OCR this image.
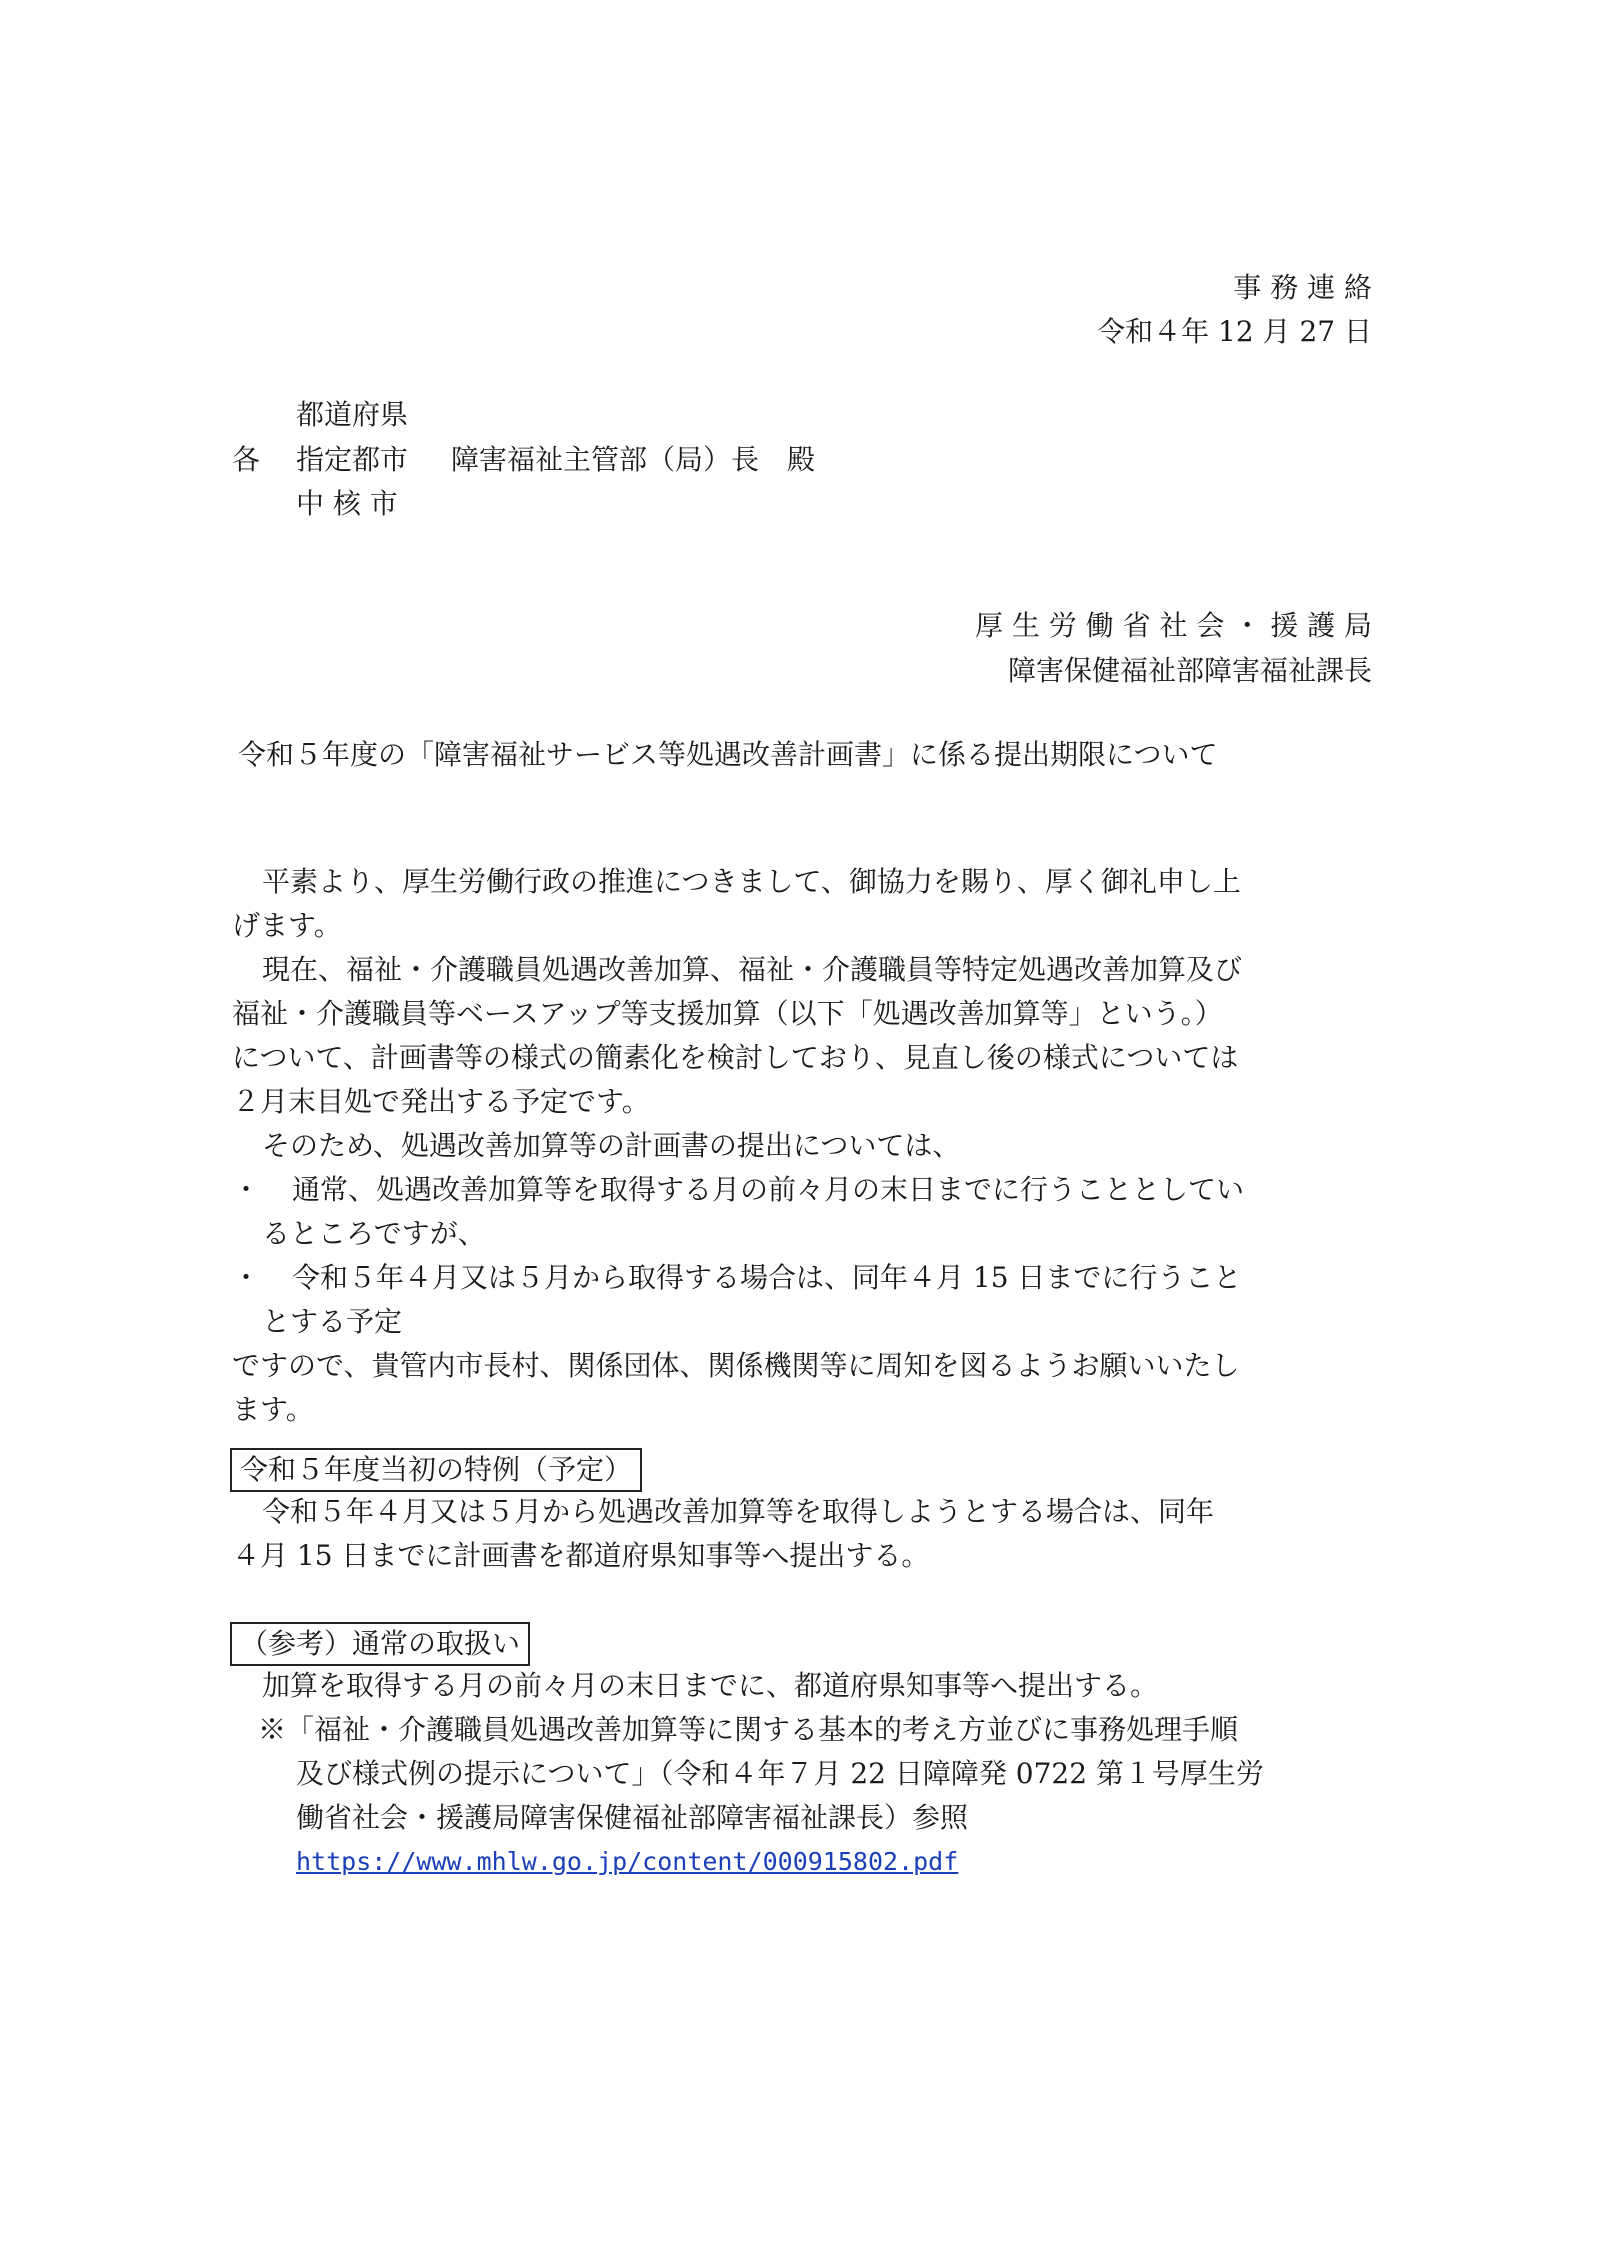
事 務 連 絡
令和４年 12 月 27 日
都道府県
各 指定都市 障害福祉主管部（局）長　殿
中 核 市
厚 生 労 働 省 社 会 ・ 援 護 局
障害保健福祉部障害福祉課長
令和５年度の「障害福祉サービス等処遇改善計画書」に係る提出期限について
平素より、厚生労働行政の推進につきまして、御協力を賜り、厚く御礼申し上
げます。
現在、福祉・介護職員処遇改善加算、福祉・介護職員等特定処遇改善加算及び
福祉・介護職員等ベースアップ等支援加算（以下「処遇改善加算等」という。）
について、計画書等の様式の簡素化を検討しており、見直し後の様式については
２月末目処で発出する予定です。
そのため、処遇改善加算等の計画書の提出については、
・ 通常、処遇改善加算等を取得する月の前々月の末日までに行うこととしてい
るところですが、
・ 令和５年４月又は５月から取得する場合は、同年４月 15 日までに行うこと
とする予定
ですので、貴管内市長村、関係団体、関係機関等に周知を図るようお願いいたし
ます。
令和５年度当初の特例（予定）
令和５年４月又は５月から処遇改善加算等を取得しようとする場合は、同年
４月 15 日までに計画書を都道府県知事等へ提出する。
（参考）通常の取扱い
加算を取得する月の前々月の末日までに、都道府県知事等へ提出する。
※「福祉・介護職員処遇改善加算等に関する基本的考え方並びに事務処理手順
及び様式例の提示について」（令和４年７月 22 日障障発 0722 第１号厚生労
働省社会・援護局障害保健福祉部障害福祉課長）参照
https://www.mhlw.go.jp/content/000915802.pdf
